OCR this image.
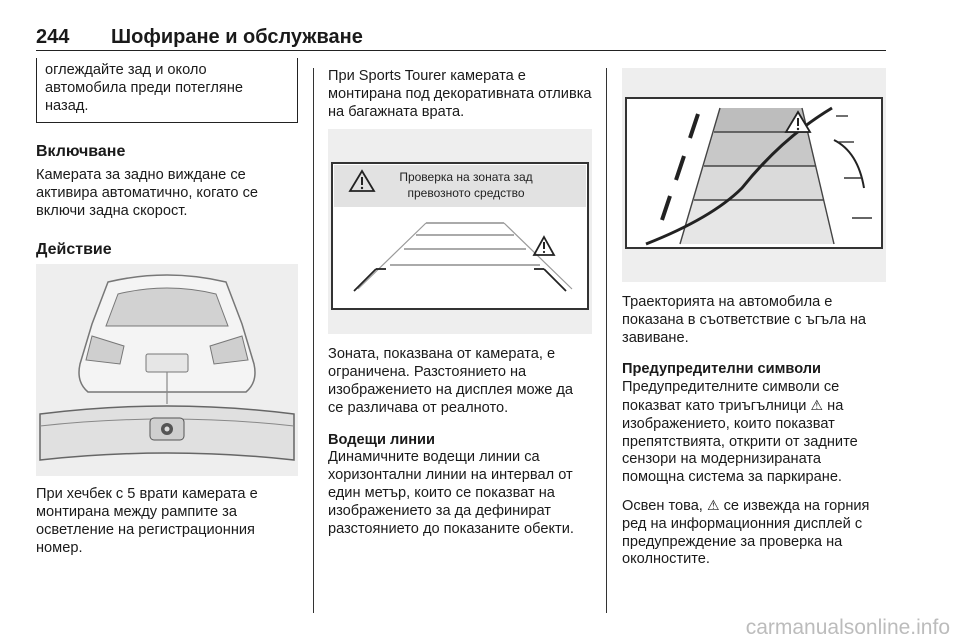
244 Шофиране и обслужване

оглеждайте зад и около автомобила преди потегляне назад.

Включване

Камерата за задно виждане се активира автоматично, когато се включи задна скорост.

Действие

При хечбек с 5 врати камерата е монтирана между рампите за осветление на регистрационния номер.

При Sports Tourer камерата е монтирана под декоративната отливка на багажната врата.

Проверка на зоната зад
превозното средство

Зоната, показвана от камерата, е ограничена. Разстоянието на изображението на дисплея може да се различава от реалното.

Водещи линии

Динамичните водещи линии са хоризонтални линии на интервал от един метър, които се показват на изображението за да дефинират разстоянието до показаните обекти.

Траекторията на автомобила е показана в съответствие с ъгъла на завиване.

Предупредителни символи

Предупредителните символи се показват като триъгълници ⚠ на изображението, които показват препятствията, открити от задните сензори на модернизираната помощна система за паркиране.

Освен това, ⚠ се извежда на горния ред на информационния дисплей с предупреждение за проверка на околностите.

carmanualsonline.info
